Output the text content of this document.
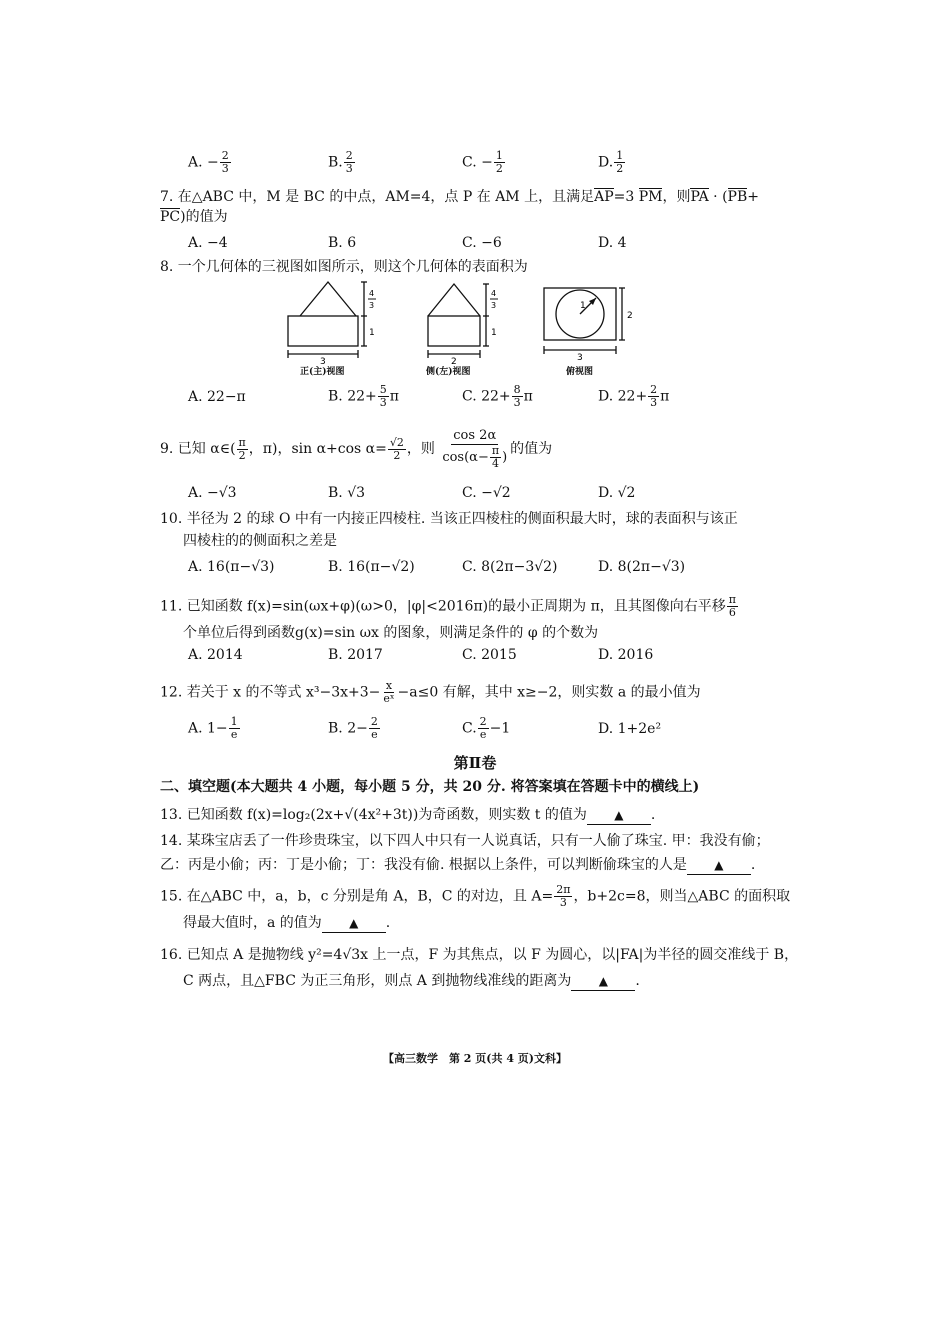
A. − $\frac{2}{3}$	B. $\frac{2}{3}$	C. − $\frac{1}{2}$	D. $\frac{1}{2}$
7. 在△ABC 中，M 是 BC 的中点，AM=4，点 P 在 AM 上，且满足AP=3 PM，则PA · (PB+
PC)的值为
A. −4	B. 6	C. −6	D. 4
8. 一个几何体的三视图如图所示，则这个几何体的表面积为
3
4
3
1
2
4
3
1
1
3
2
正(主)视图	侧(左)视图	俯视图
A. 22−π	B. $22+ \frac{5}{3}$ π	C. $22+ \frac{8}{3}$ π	D. $22+ \frac{2}{3}$ π
9. 已知 α∈( $\frac{\pi}{2}$ ，π)，sin α+cos $\alpha= \frac{√2}{2}$ ，则 $\frac{\cos 2\alpha}{\cos(\alpha- \frac{\pi}{4} )}$ 的值为
A. −√3	B. √3	C. −√2	D. √2
10. 半径为 2 的球 O 中有一内接正四棱柱. 当该正四棱柱的侧面积最大时，球的表面积与该正
四棱柱的的侧面积之差是
A. 16(π−√3)	B. 16(π−√2)	C. 8(2π−3√2)	D. 8(2π−√3)
11. 已知函数 f(x)=sin(ωx+φ)(ω>0，|φ|<2016π)的最小正周期为 π，且其图像向右平移 $\frac{\pi}{6}$
个单位后得到函数g(x)=sin ωx 的图象，则满足条件的 φ 的个数为
A. 2014	B. 2017	C. 2015	D. 2016
12. 若关于 x 的不等式 $x^3-3x+3- \frac{x}{\text{eˣ}} -a\le 0$ 有解，其中 x≥−2，则实数 a 的最小值为
A. $1- \frac{1}{e}$	B. $2- \frac{2}{e}$	C. $\frac{2}{e} -1$	D. 1+2e²
第Ⅱ卷
二、填空题(本大题共 4 小题，每小题 5 分，共 20 分. 将答案填在答题卡中的横线上)
13. 已知函数 f(x)=log₂(2x+√(4x²+3t))为奇函数，则实数 t 的值为 ▲ .
14. 某珠宝店丢了一件珍贵珠宝，以下四人中只有一人说真话，只有一人偷了珠宝. 甲：我没有偷；
乙：丙是小偷；丙：丁是小偷；丁：我没有偷. 根据以上条件，可以判断偷珠宝的人是 ▲ .
15. 在△ABC 中，a，b，c 分别是角 A，B，C 的对边，且 $A= \frac{2\pi}{3}$ ，b+2c=8，则当△ABC 的面积取
得最大值时，a 的值为 ▲ .
16. 已知点 A 是抛物线 y²=4√3x 上一点，F 为其焦点，以 F 为圆心，以|FA|为半径的圆交准线于 B，
C 两点，且△FBC 为正三角形，则点 A 到抛物线准线的距离为 ▲ .
【高三数学　第 2 页(共 4 页)文科】
